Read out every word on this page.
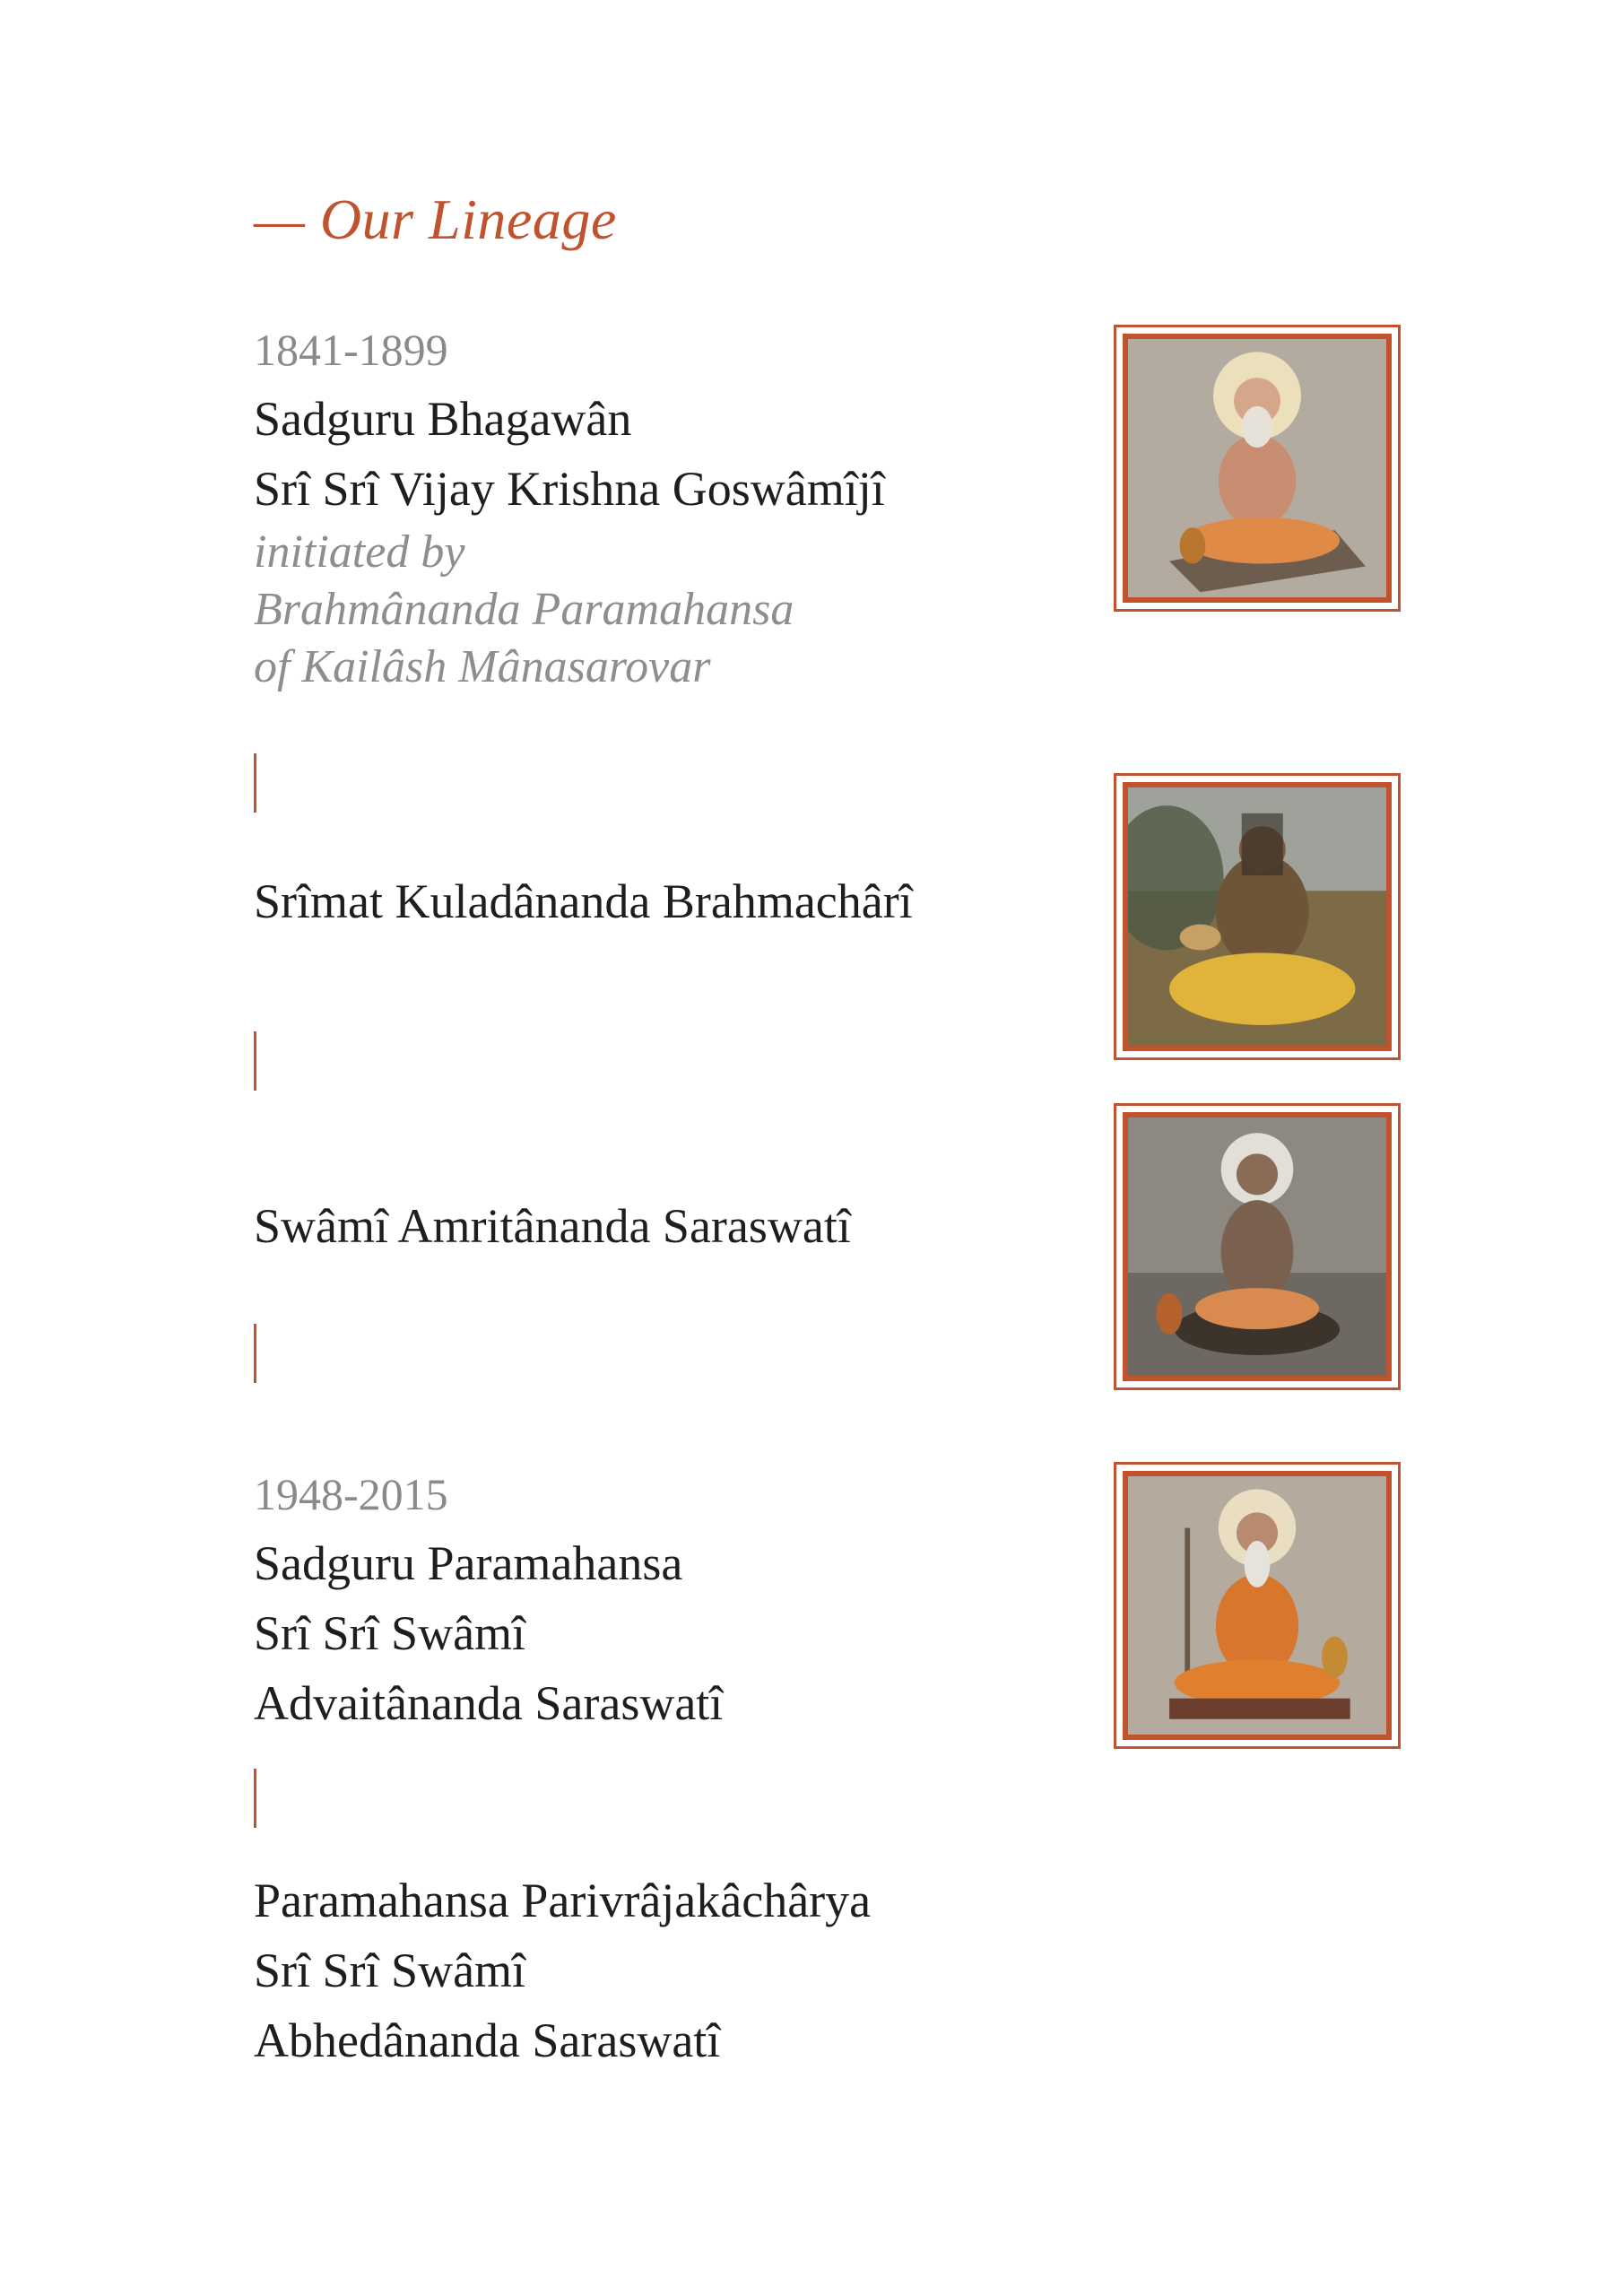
— Our Lineage
1841-1899
Sadguru Bhagawân
Srî Srî Vijay Krishna Goswâmîjî
initiated by
Brahmânanda Paramahansa
of Kailâsh Mânasarovar
Srîmat Kuladânanda Brahmachârî
Swâmî Amritânanda Saraswatî
1948-2015
Sadguru Paramahansa
Srî Srî Swâmî
Advaitânanda Saraswatî
Paramahansa Parivrâjakâchârya
Srî Srî Swâmî
Abhedânanda Saraswatî
